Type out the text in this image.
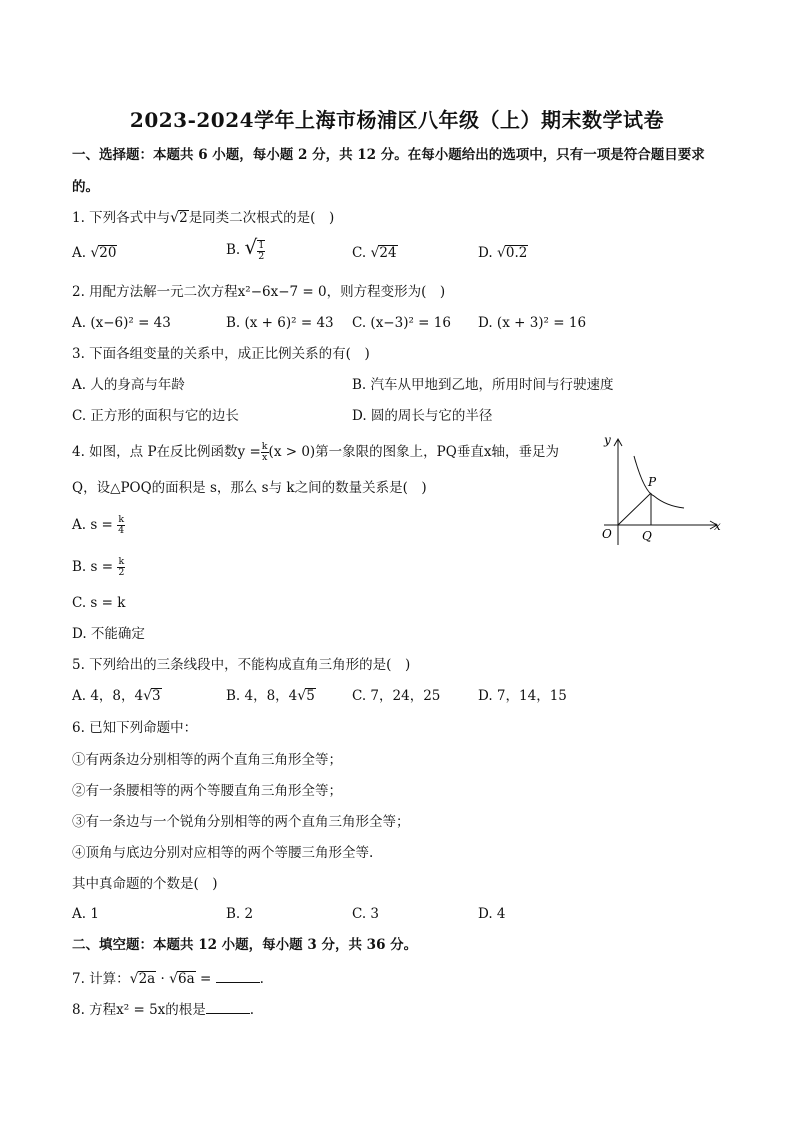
2023-2024学年上海市杨浦区八年级（上）期末数学试卷
一、选择题：本题共 6 小题，每小题 2 分，共 12 分。在每小题给出的选项中，只有一项是符合题目要求
的。
1. 下列各式中与√2是同类二次根式的是(　)
A. √20	B. √ $\frac{1}{2}$	C. √24	D. √0.2
2. 用配方法解一元二次方程x²−6x−7 = 0，则方程变形为(　)
A. (x−6)² = 43	B. (x + 6)² = 43 C. (x−3)² = 16 D. (x + 3)² = 16
3. 下面各组变量的关系中，成正比例关系的有(　)
A. 人的身高与年龄	B. 汽车从甲地到乙地，所用时间与行驶速度
C. 正方形的面积与它的边长	D. 圆的周长与它的半径
4. 如图，点 P在反比例函数$y = \frac{k}{x} (x > 0)$第一象限的图象上，PQ垂直x轴，垂足为
Q，设△POQ的面积是 s，那么 s与 k之间的数量关系是(　)
A. $s = \frac{k}{4}$
B. $s = \frac{k}{2}$
C. s = k
D. 不能确定
y
x
O
P
Q
5. 下列给出的三条线段中，不能构成直角三角形的是(　)
A. 4，8，4√3	B. 4，8，4√5	C. 7，24，25	D. 7，14，15
6. 已知下列命题中：
①有两条边分别相等的两个直角三角形全等；
②有一条腰相等的两个等腰直角三角形全等；
③有一条边与一个锐角分别相等的两个直角三角形全等；
④顶角与底边分别对应相等的两个等腰三角形全等.
其中真命题的个数是(　)
A. 1	B. 2	C. 3	D. 4
二、填空题：本题共 12 小题，每小题 3 分，共 36 分。
7. 计算：√2a · √6a =	.
8. 方程x² = 5x的根是	.
